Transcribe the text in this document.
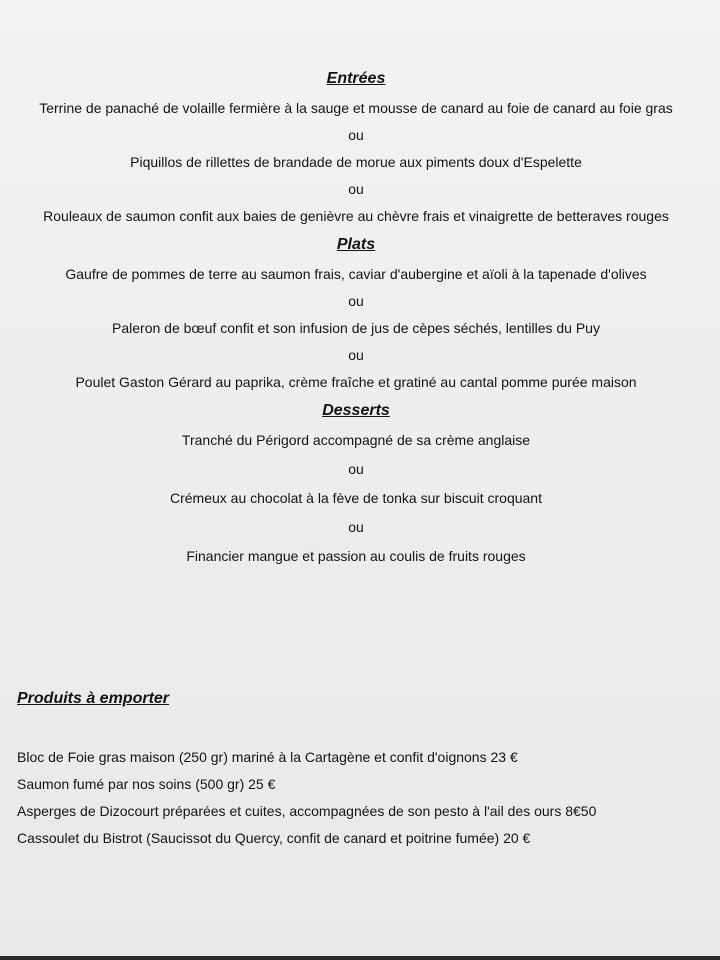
Entrées
Terrine de panaché de volaille fermière à la sauge et mousse de canard au foie de canard au foie gras
ou
Piquillos de rillettes de brandade de morue aux piments doux d'Espelette
ou
Rouleaux de saumon confit aux baies de genièvre au chèvre frais et vinaigrette de betteraves rouges
Plats
Gaufre de pommes de terre au saumon frais, caviar d'aubergine et aïoli à la tapenade d'olives
ou
Paleron de bœuf confit et son infusion de jus de cèpes séchés, lentilles du Puy
ou
Poulet Gaston Gérard au paprika, crème fraîche et gratiné au cantal pomme purée maison
Desserts
Tranché du Périgord accompagné de sa crème anglaise
ou
Crémeux au chocolat à la fève de tonka sur biscuit croquant
ou
Financier mangue et passion au coulis de fruits rouges
Produits à emporter
Bloc de Foie gras maison (250 gr) mariné à la Cartagène et confit d'oignons 23 €
Saumon fumé par nos soins (500 gr) 25 €
Asperges de Dizocourt préparées et cuites, accompagnées de son pesto à l'ail des ours 8€50
Cassoulet du Bistrot (Saucissot du Quercy, confit de canard et poitrine fumée) 20 €
